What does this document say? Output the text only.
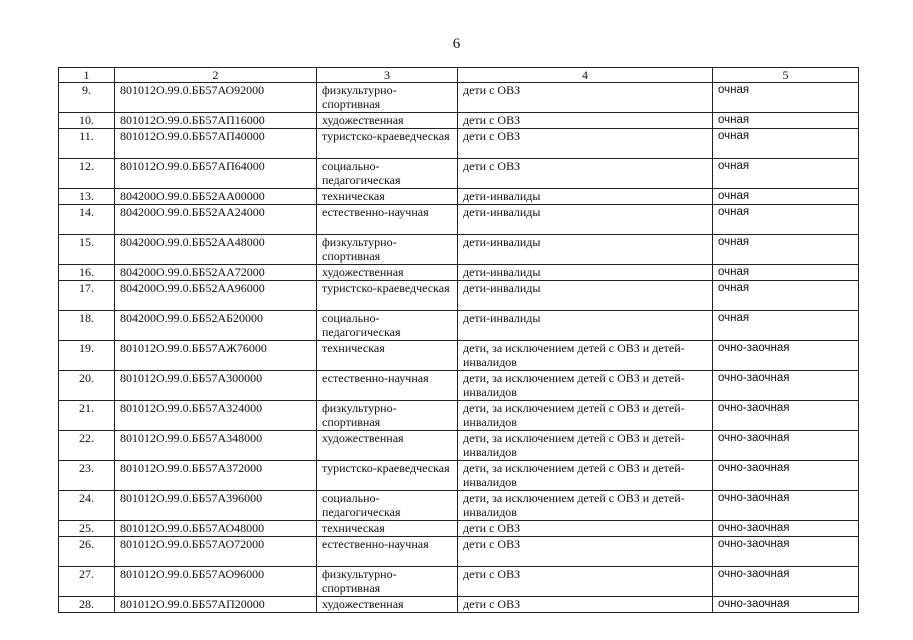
6
1	2	3	4	5
9.	801012О.99.0.ББ57АО92000	физкультурно-спортивная	дети с ОВЗ	очная
10.	801012О.99.0.ББ57АП16000	художественная	дети с ОВЗ	очная
11.	801012О.99.0.ББ57АП40000	туристско-краеведческая	дети с ОВЗ	очная
12.	801012О.99.0.ББ57АП64000	социально-педагогическая	дети с ОВЗ	очная
13.	804200О.99.0.ББ52АА00000	техническая	дети-инвалиды	очная
14.	804200О.99.0.ББ52АА24000	естественно-научная	дети-инвалиды	очная
15.	804200О.99.0.ББ52АА48000	физкультурно-спортивная	дети-инвалиды	очная
16.	804200О.99.0.ББ52АА72000	художественная	дети-инвалиды	очная
17.	804200О.99.0.ББ52АА96000	туристско-краеведческая	дети-инвалиды	очная
18.	804200О.99.0.ББ52АБ20000	социально-педагогическая	дети-инвалиды	очная
19.	801012О.99.0.ББ57АЖ76000	техническая	дети, за исключением детей с ОВЗ и детей-инвалидов	очно-заочная
20.	801012О.99.0.ББ57А300000	естественно-научная	дети, за исключением детей с ОВЗ и детей-инвалидов	очно-заочная
21.	801012О.99.0.ББ57А324000	физкультурно-спортивная	дети, за исключением детей с ОВЗ и детей-инвалидов	очно-заочная
22.	801012О.99.0.ББ57А348000	художественная	дети, за исключением детей с ОВЗ и детей-инвалидов	очно-заочная
23.	801012О.99.0.ББ57А372000	туристско-краеведческая	дети, за исключением детей с ОВЗ и детей-инвалидов	очно-заочная
24.	801012О.99.0.ББ57А396000	социально-педагогическая	дети, за исключением детей с ОВЗ и детей-инвалидов	очно-заочная
25.	801012О.99.0.ББ57АО48000	техническая	дети с ОВЗ	очно-заочная
26.	801012О.99.0.ББ57АО72000	естественно-научная	дети с ОВЗ	очно-заочная
27.	801012О.99.0.ББ57АО96000	физкультурно-спортивная	дети с ОВЗ	очно-заочная
28.	801012О.99.0.ББ57АП20000	художественная	дети с ОВЗ	очно-заочная
